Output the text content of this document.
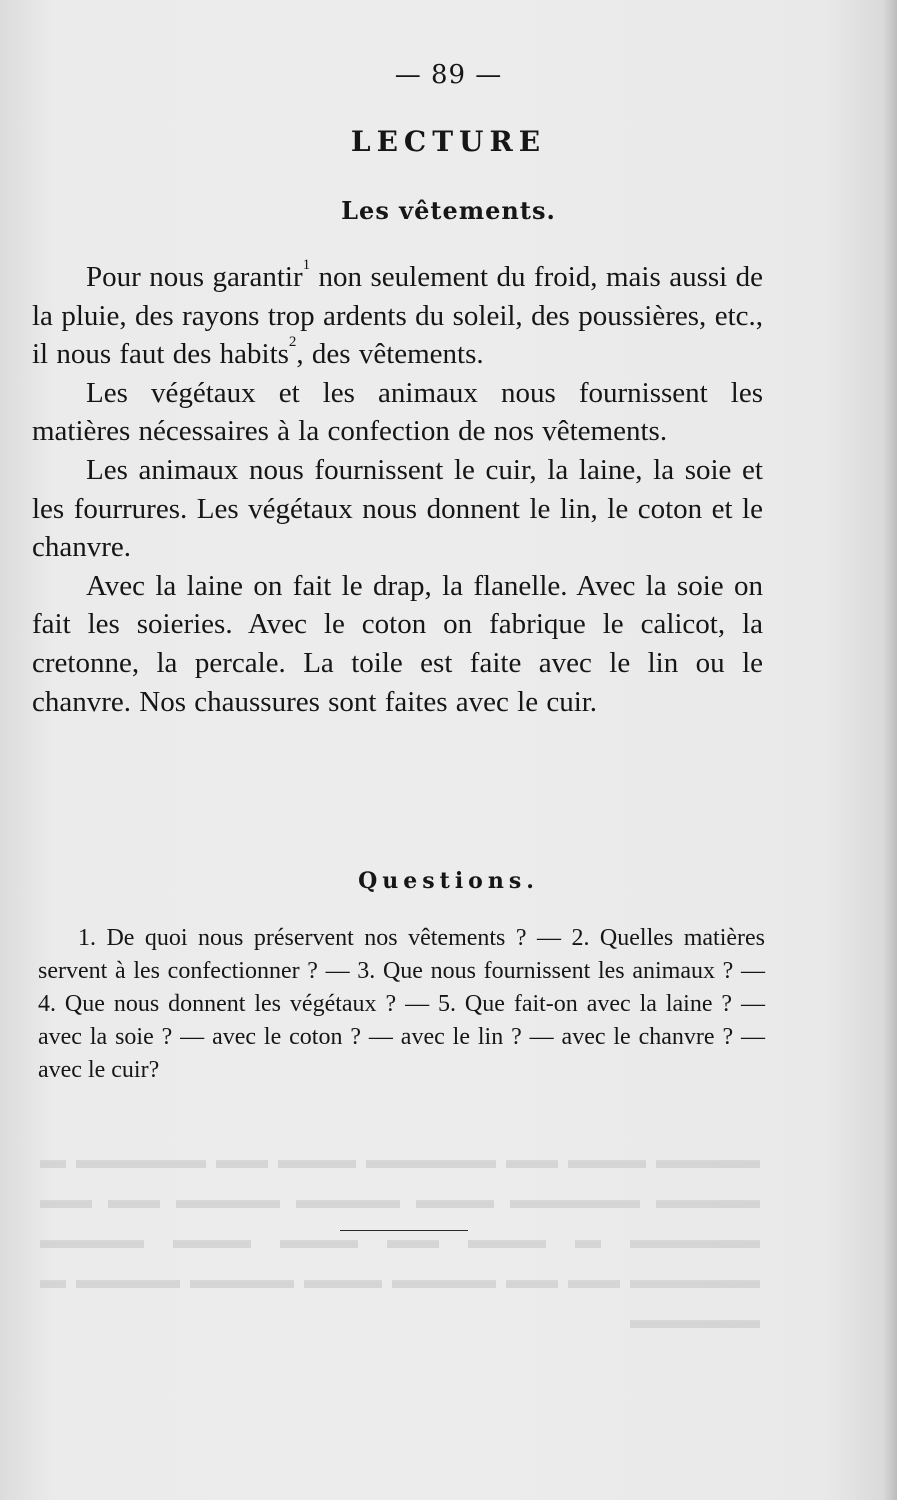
▬▬▬▬ ▬▬▬ ▬▬ ▬▬▬▬▬ ▬▬▬ ▬▬ ▬▬▬▬▬ ▬ ▬▬▬▬ ▬▬▬▬▬ ▬▬▬ ▬▬▬▬ ▬▬▬▬ ▬▬ ▬▬ ▬▬▬▬▬ ▬ ▬▬▬ ▬▬ ▬▬▬ ▬▬▬ ▬▬▬▬ ▬▬▬▬▬ ▬▬ ▬▬ ▬▬▬▬ ▬▬▬ ▬▬▬▬ ▬▬▬▬ ▬ ▬▬▬▬▬
— 89 —
LECTURE
Les vêtements.

Pour nous garantir$^1$ non seulement du froid, mais aussi de la pluie, des rayons trop ardents du soleil, des poussières, etc., il nous faut des habits$^2$, des vêtements.

Les végétaux et les animaux nous fournissent les matières nécessaires à la confection de nos vêtements.

Les animaux nous fournissent le cuir, la laine, la soie et les fourrures. Les végétaux nous donnent le lin, le coton et le chanvre.

Avec la laine on fait le drap, la flanelle. Avec la soie on fait les soieries. Avec le coton on fabrique le calicot, la cretonne, la percale. La toile est faite avec le lin ou le chanvre. Nos chaussures sont faites avec le cuir.

Questions.
1. De quoi nous préservent nos vêtements ? — 2. Quelles matières servent à les confectionner ? — 3. Que nous fournissent les animaux ? — 4. Que nous donnent les végétaux ? — 5. Que fait-on avec la laine ? — avec la soie ? — avec le coton ? — avec le lin ? — avec le chanvre ? — avec le cuir?
